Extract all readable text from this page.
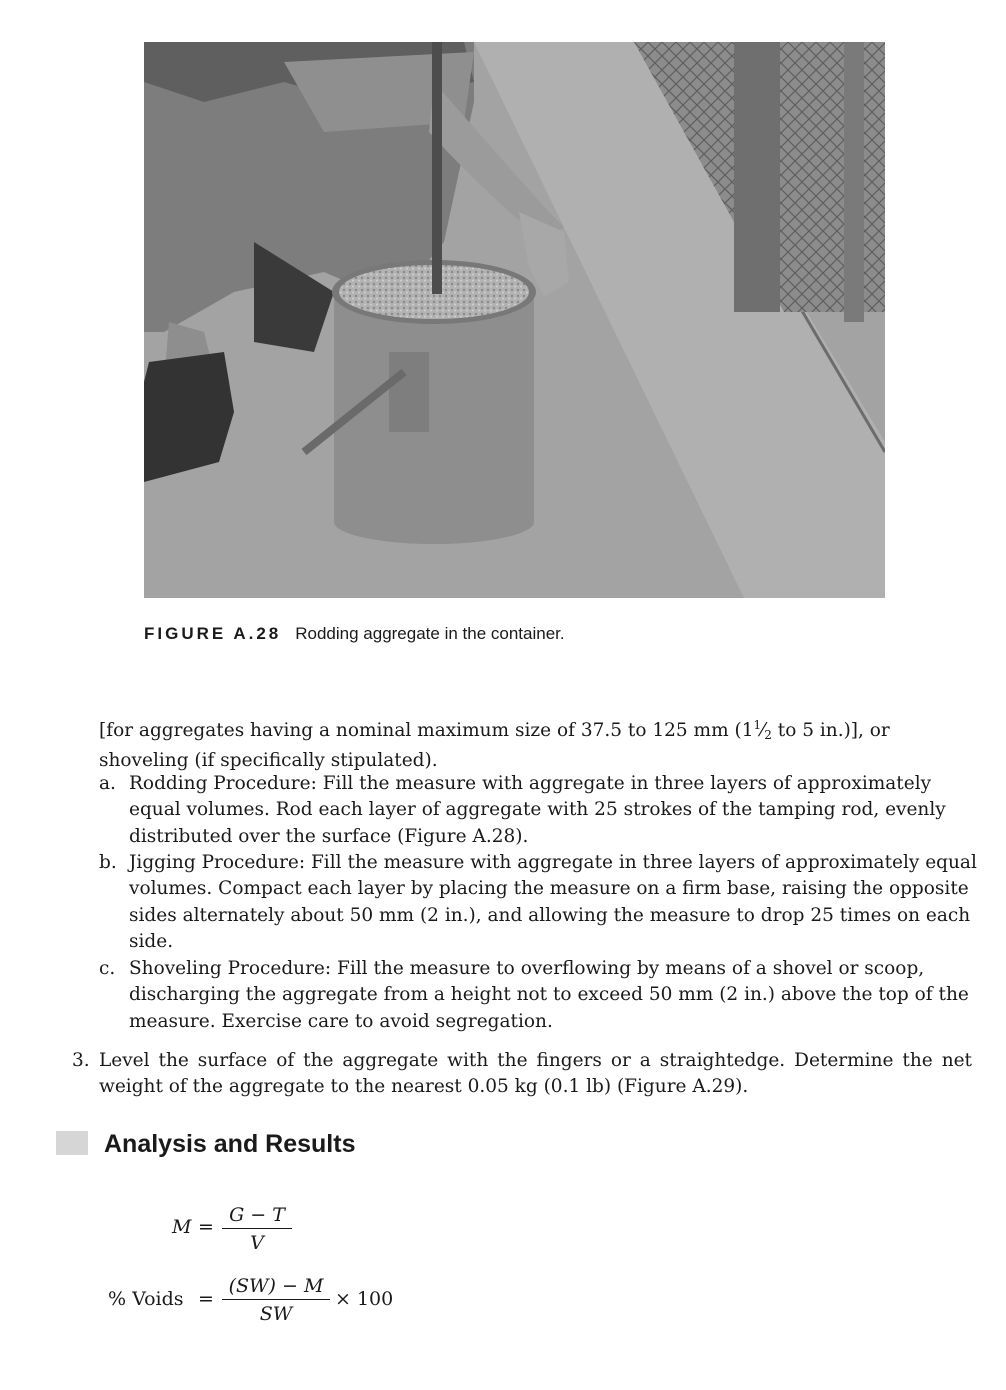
FIGURE A.28 Rodding aggregate in the container.
[for aggregates having a nominal maximum size of 37.5 to 125 mm ($1^1⁄2$ to 5 in.)], or shoveling (if specifically stipulated).
a. Rodding Procedure: Fill the measure with aggregate in three layers of approximately equal volumes. Rod each layer of aggregate with 25 strokes of the tamping rod, evenly distributed over the surface (Figure A.28).
b. Jigging Procedure: Fill the measure with aggregate in three layers of approximately equal volumes. Compact each layer by placing the measure on a firm base, raising the opposite sides alternately about 50 mm (2 in.), and allowing the measure to drop 25 times on each side.
c. Shoveling Procedure: Fill the measure to overflowing by means of a shovel or scoop, discharging the aggregate from a height not to exceed 50 mm (2 in.) above the top of the measure. Exercise care to avoid segregation.
3. Level the surface of the aggregate with the fingers or a straightedge. Determine the net weight of the aggregate to the nearest 0.05 kg (0.1 lb) (Figure A.29).
Analysis and Results
$M = \frac{G - T}{V}$
% Voids = $\frac{(SW) - M}{SW} \times 100$
